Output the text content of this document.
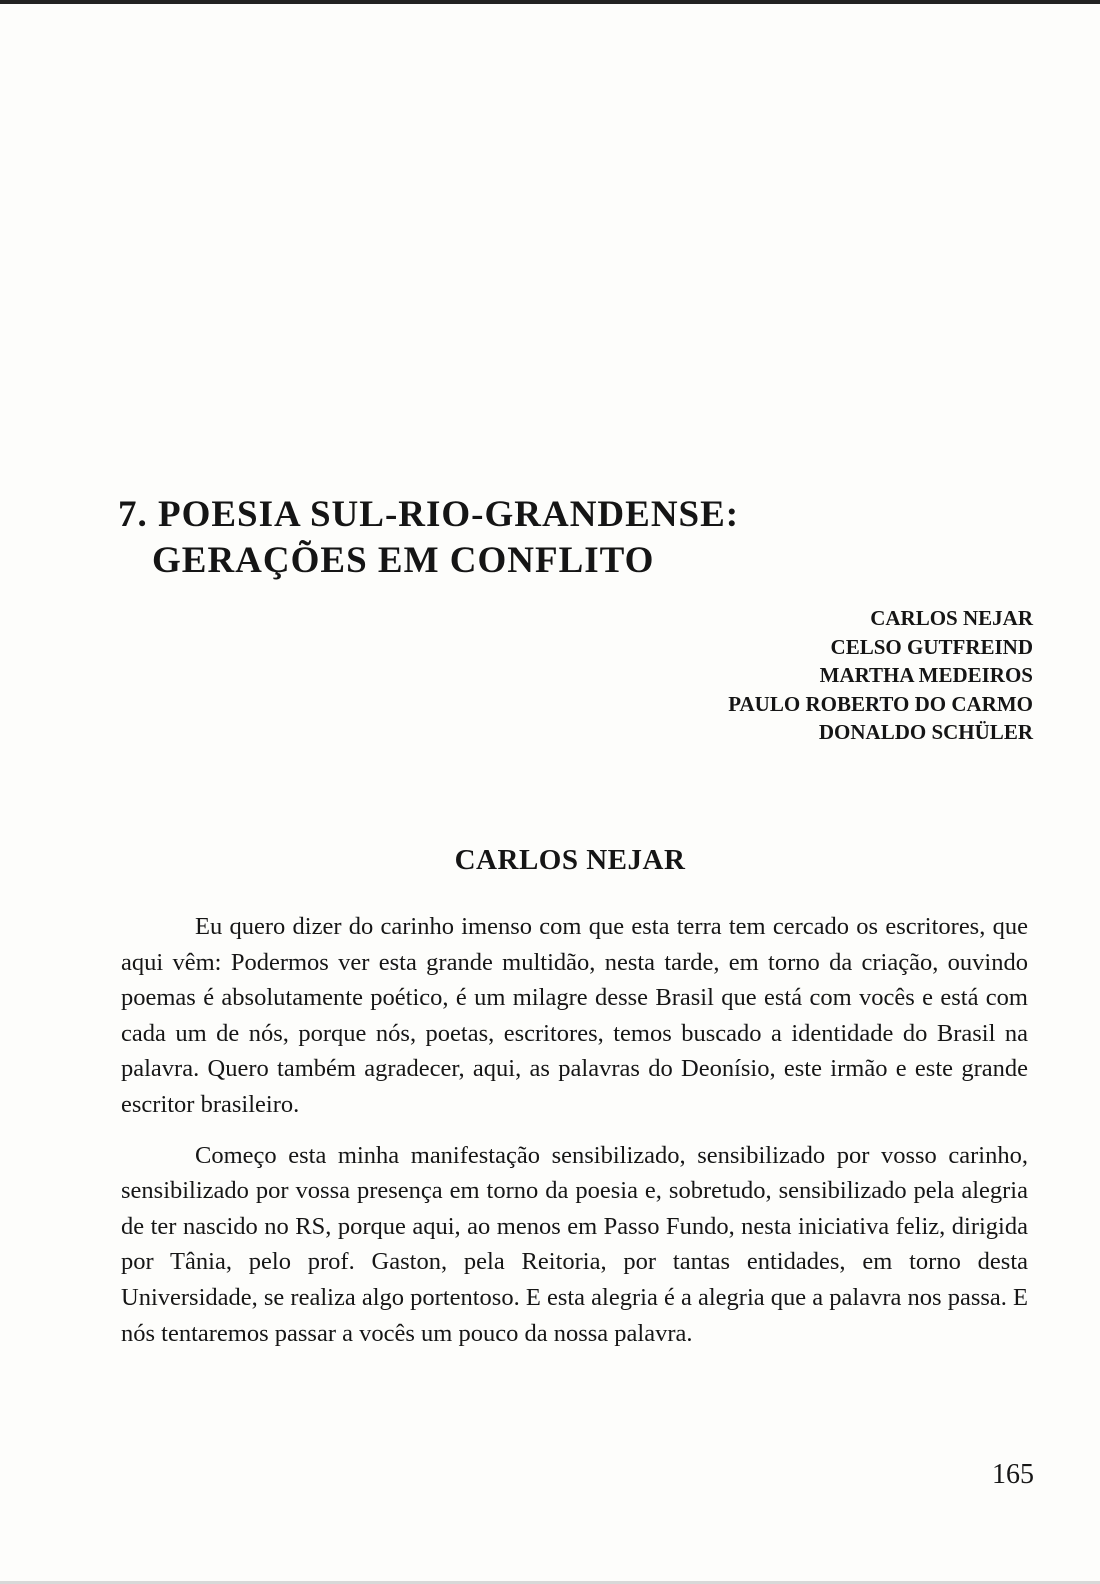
7. POESIA SUL-RIO-GRANDENSE:
GERAÇÕES EM CONFLITO
CARLOS NEJAR
CELSO GUTFREIND
MARTHA MEDEIROS
PAULO ROBERTO DO CARMO
DONALDO SCHÜLER
CARLOS NEJAR

Eu quero dizer do carinho imenso com que esta terra tem cercado os escritores, que aqui vêm: Podermos ver esta grande multidão, nesta tarde, em torno da criação, ouvindo poemas é absolutamente poético, é um milagre desse Brasil que está com vocês e está com cada um de nós, porque nós, poetas, escritores, temos buscado a identidade do Brasil na palavra. Quero também agradecer, aqui, as palavras do Deonísio, este irmão e este grande escritor brasileiro.

Começo esta minha manifestação sensibilizado, sensibilizado por vosso carinho, sensibilizado por vossa presença em torno da poesia e, sobretudo, sensibilizado pela alegria de ter nascido no RS, porque aqui, ao menos em Passo Fundo, nesta iniciativa feliz, dirigida por Tânia, pelo prof. Gaston, pela Reitoria, por tantas entidades, em torno desta Universidade, se realiza algo portentoso. E esta alegria é a alegria que a palavra nos passa. E nós tentaremos passar a vocês um pouco da nossa palavra.

165
